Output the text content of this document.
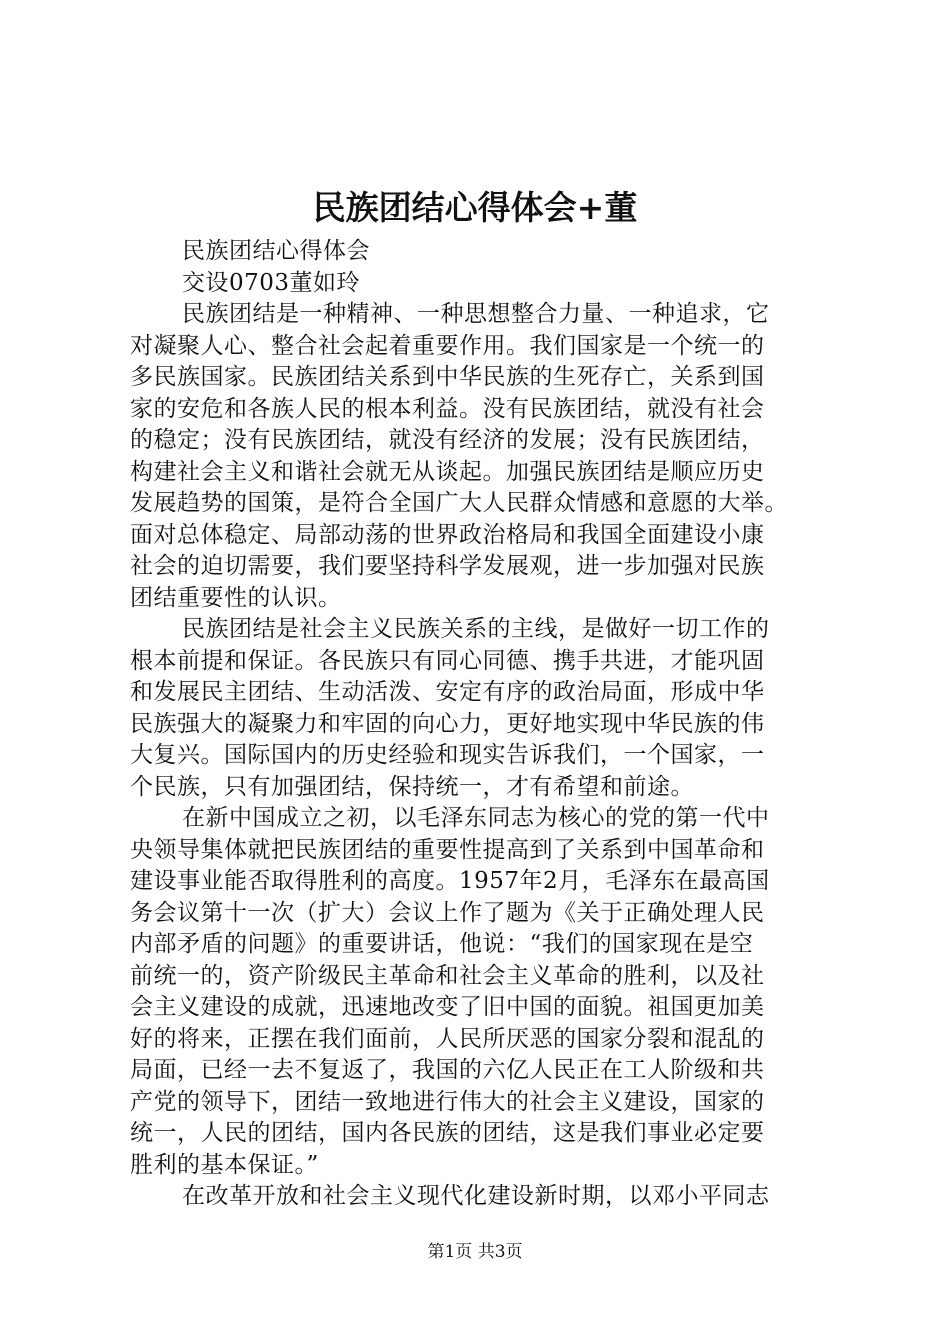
民族团结心得体会+董
民族团结心得体会
交设0703董如玲
民族团结是一种精神、一种思想整合力量、一种追求，它
对凝聚人心、整合社会起着重要作用。我们国家是一个统一的
多民族国家。民族团结关系到中华民族的生死存亡，关系到国
家的安危和各族人民的根本利益。没有民族团结，就没有社会
的稳定；没有民族团结，就没有经济的发展；没有民族团结，
构建社会主义和谐社会就无从谈起。加强民族团结是顺应历史
发展趋势的国策，是符合全国广大人民群众情感和意愿的大举。
面对总体稳定、局部动荡的世界政治格局和我国全面建设小康
社会的迫切需要，我们要坚持科学发展观，进一步加强对民族
团结重要性的认识。
民族团结是社会主义民族关系的主线，是做好一切工作的
根本前提和保证。各民族只有同心同德、携手共进，才能巩固
和发展民主团结、生动活泼、安定有序的政治局面，形成中华
民族强大的凝聚力和牢固的向心力，更好地实现中华民族的伟
大复兴。国际国内的历史经验和现实告诉我们，一个国家，一
个民族，只有加强团结，保持统一，才有希望和前途。
在新中国成立之初，以毛泽东同志为核心的党的第一代中
央领导集体就把民族团结的重要性提高到了关系到中国革命和
建设事业能否取得胜利的高度。1957年2月，毛泽东在最高国
务会议第十一次（扩大）会议上作了题为《关于正确处理人民
内部矛盾的问题》的重要讲话，他说：“我们的国家现在是空
前统一的，资产阶级民主革命和社会主义革命的胜利，以及社
会主义建设的成就，迅速地改变了旧中国的面貌。祖国更加美
好的将来，正摆在我们面前，人民所厌恶的国家分裂和混乱的
局面，已经一去不复返了，我国的六亿人民正在工人阶级和共
产党的领导下，团结一致地进行伟大的社会主义建设，国家的
统一，人民的团结，国内各民族的团结，这是我们事业必定要
胜利的基本保证。”
在改革开放和社会主义现代化建设新时期，以邓小平同志
第1页 共3页
